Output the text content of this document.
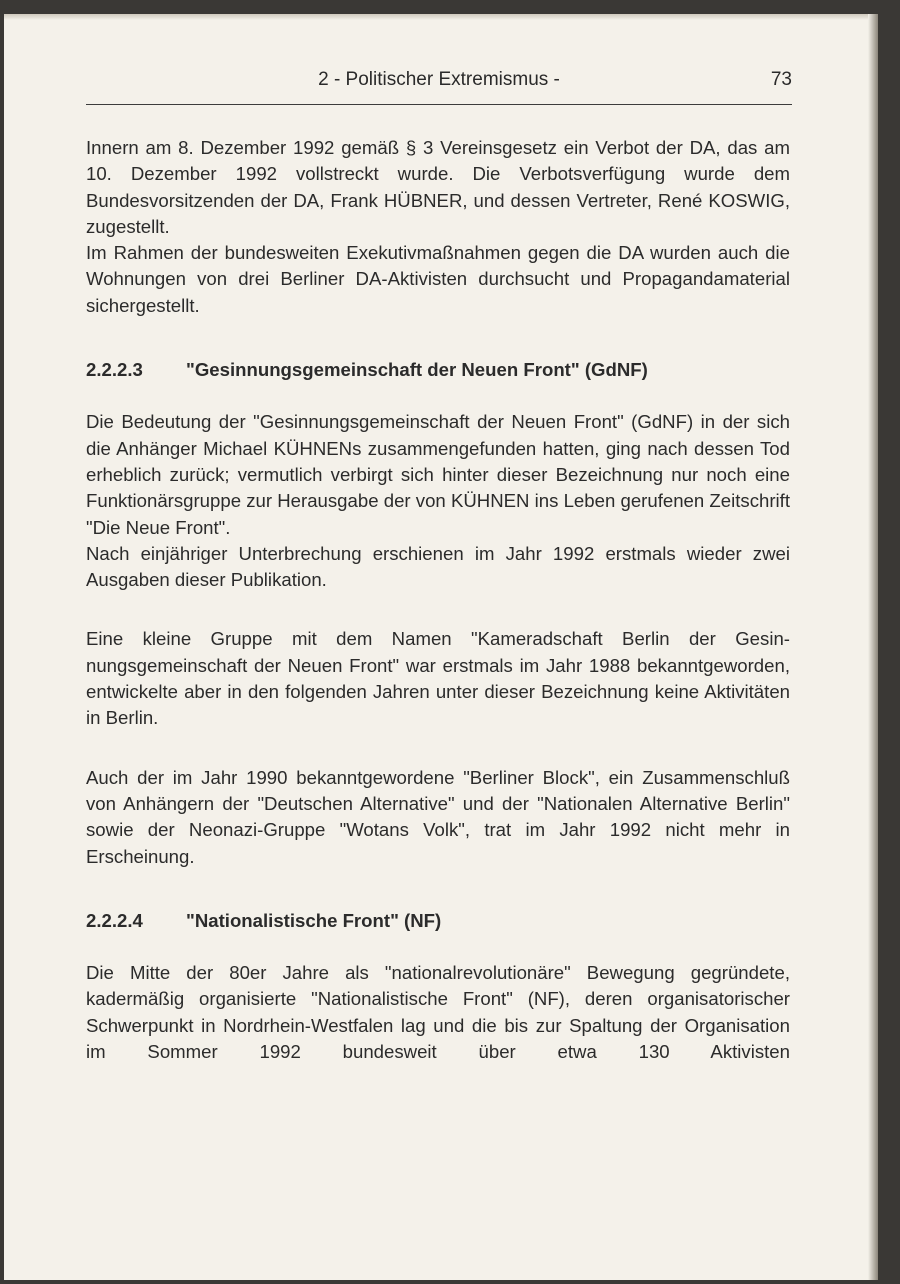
2 - Politischer Extremismus -	73

Innern am 8. Dezember 1992 gemäß § 3 Vereinsgesetz ein Verbot der DA, das am 10. Dezember 1992 vollstreckt wurde. Die Verbotsverfügung wurde dem Bundesvorsitzenden der DA, Frank HÜBNER, und dessen Vertreter, René KOSWIG, zugestellt.

Im Rahmen der bundesweiten Exekutivmaßnahmen gegen die DA wurden auch die Wohnungen von drei Berliner DA-Aktivisten durchsucht und Propagandamaterial sichergestellt.

2.2.2.3	"Gesinnungsgemeinschaft der Neuen Front" (GdNF)

Die Bedeutung der "Gesinnungsgemeinschaft der Neuen Front" (GdNF) in der sich die Anhänger Michael KÜHNENs zusammengefunden hatten, ging nach dessen Tod erheblich zurück; vermutlich verbirgt sich hinter dieser Bezeichnung nur noch eine Funktionärsgruppe zur Herausgabe der von KÜHNEN ins Leben gerufenen Zeitschrift "Die Neue Front".

Nach einjähriger Unterbrechung erschienen im Jahr 1992 erstmals wieder zwei Ausgaben dieser Publikation.

Eine kleine Gruppe mit dem Namen "Kameradschaft Berlin der Gesinnungsgemeinschaft der Neuen Front" war erstmals im Jahr 1988 bekanntgeworden, entwickelte aber in den folgenden Jahren unter dieser Bezeichnung keine Aktivitäten in Berlin.

Auch der im Jahr 1990 bekanntgewordene "Berliner Block", ein Zusammenschluß von Anhängern der "Deutschen Alternative" und der "Nationalen Alternative Berlin" sowie der Neonazi-Gruppe "Wotans Volk", trat im Jahr 1992 nicht mehr in Erscheinung.

2.2.2.4	"Nationalistische Front" (NF)

Die Mitte der 80er Jahre als "nationalrevolutionäre" Bewegung gegründete, kadermäßig organisierte "Nationalistische Front" (NF), deren organisatorischer Schwerpunkt in Nordrhein-Westfalen lag und die bis zur Spaltung der Organisation im Sommer 1992 bundesweit über etwa 130 Aktivisten
